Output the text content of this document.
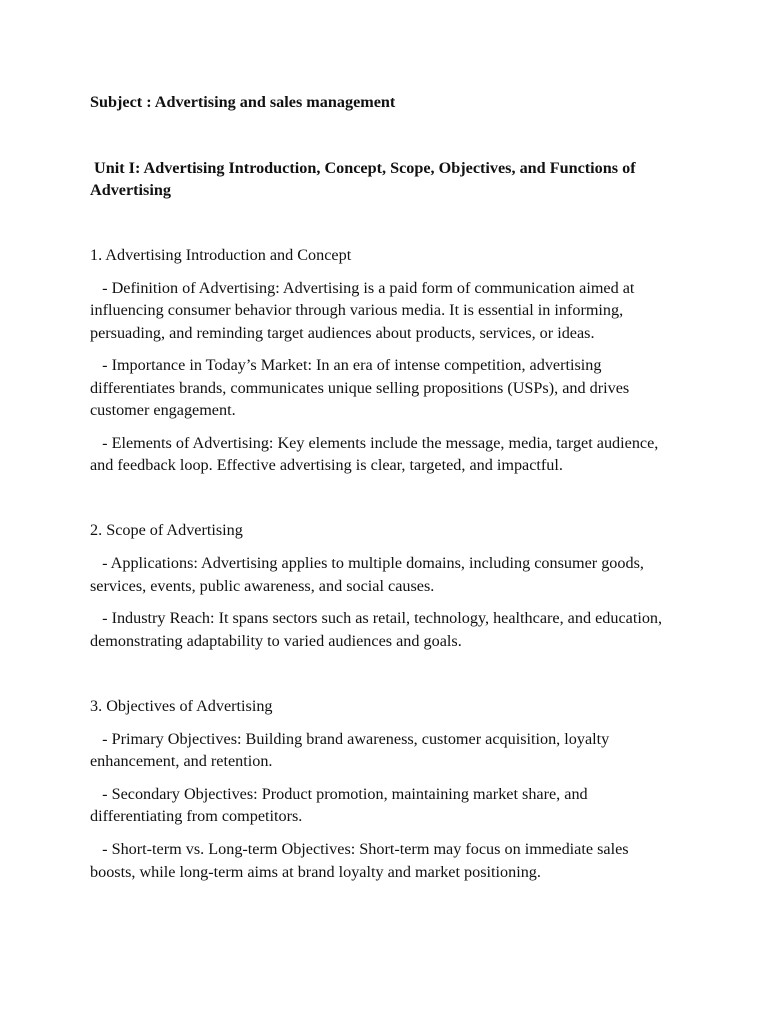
Subject : Advertising and sales management

Unit I: Advertising Introduction, Concept, Scope, Objectives, and Functions of Advertising

1. Advertising Introduction and Concept

- Definition of Advertising: Advertising is a paid form of communication aimed at influencing consumer behavior through various media. It is essential in informing, persuading, and reminding target audiences about products, services, or ideas.

- Importance in Today’s Market: In an era of intense competition, advertising differentiates brands, communicates unique selling propositions (USPs), and drives customer engagement.

- Elements of Advertising: Key elements include the message, media, target audience, and feedback loop. Effective advertising is clear, targeted, and impactful.

2. Scope of Advertising

- Applications: Advertising applies to multiple domains, including consumer goods, services, events, public awareness, and social causes.

- Industry Reach: It spans sectors such as retail, technology, healthcare, and education, demonstrating adaptability to varied audiences and goals.

3. Objectives of Advertising

- Primary Objectives: Building brand awareness, customer acquisition, loyalty enhancement, and retention.

- Secondary Objectives: Product promotion, maintaining market share, and differentiating from competitors.

- Short-term vs. Long-term Objectives: Short-term may focus on immediate sales boosts, while long-term aims at brand loyalty and market positioning.
